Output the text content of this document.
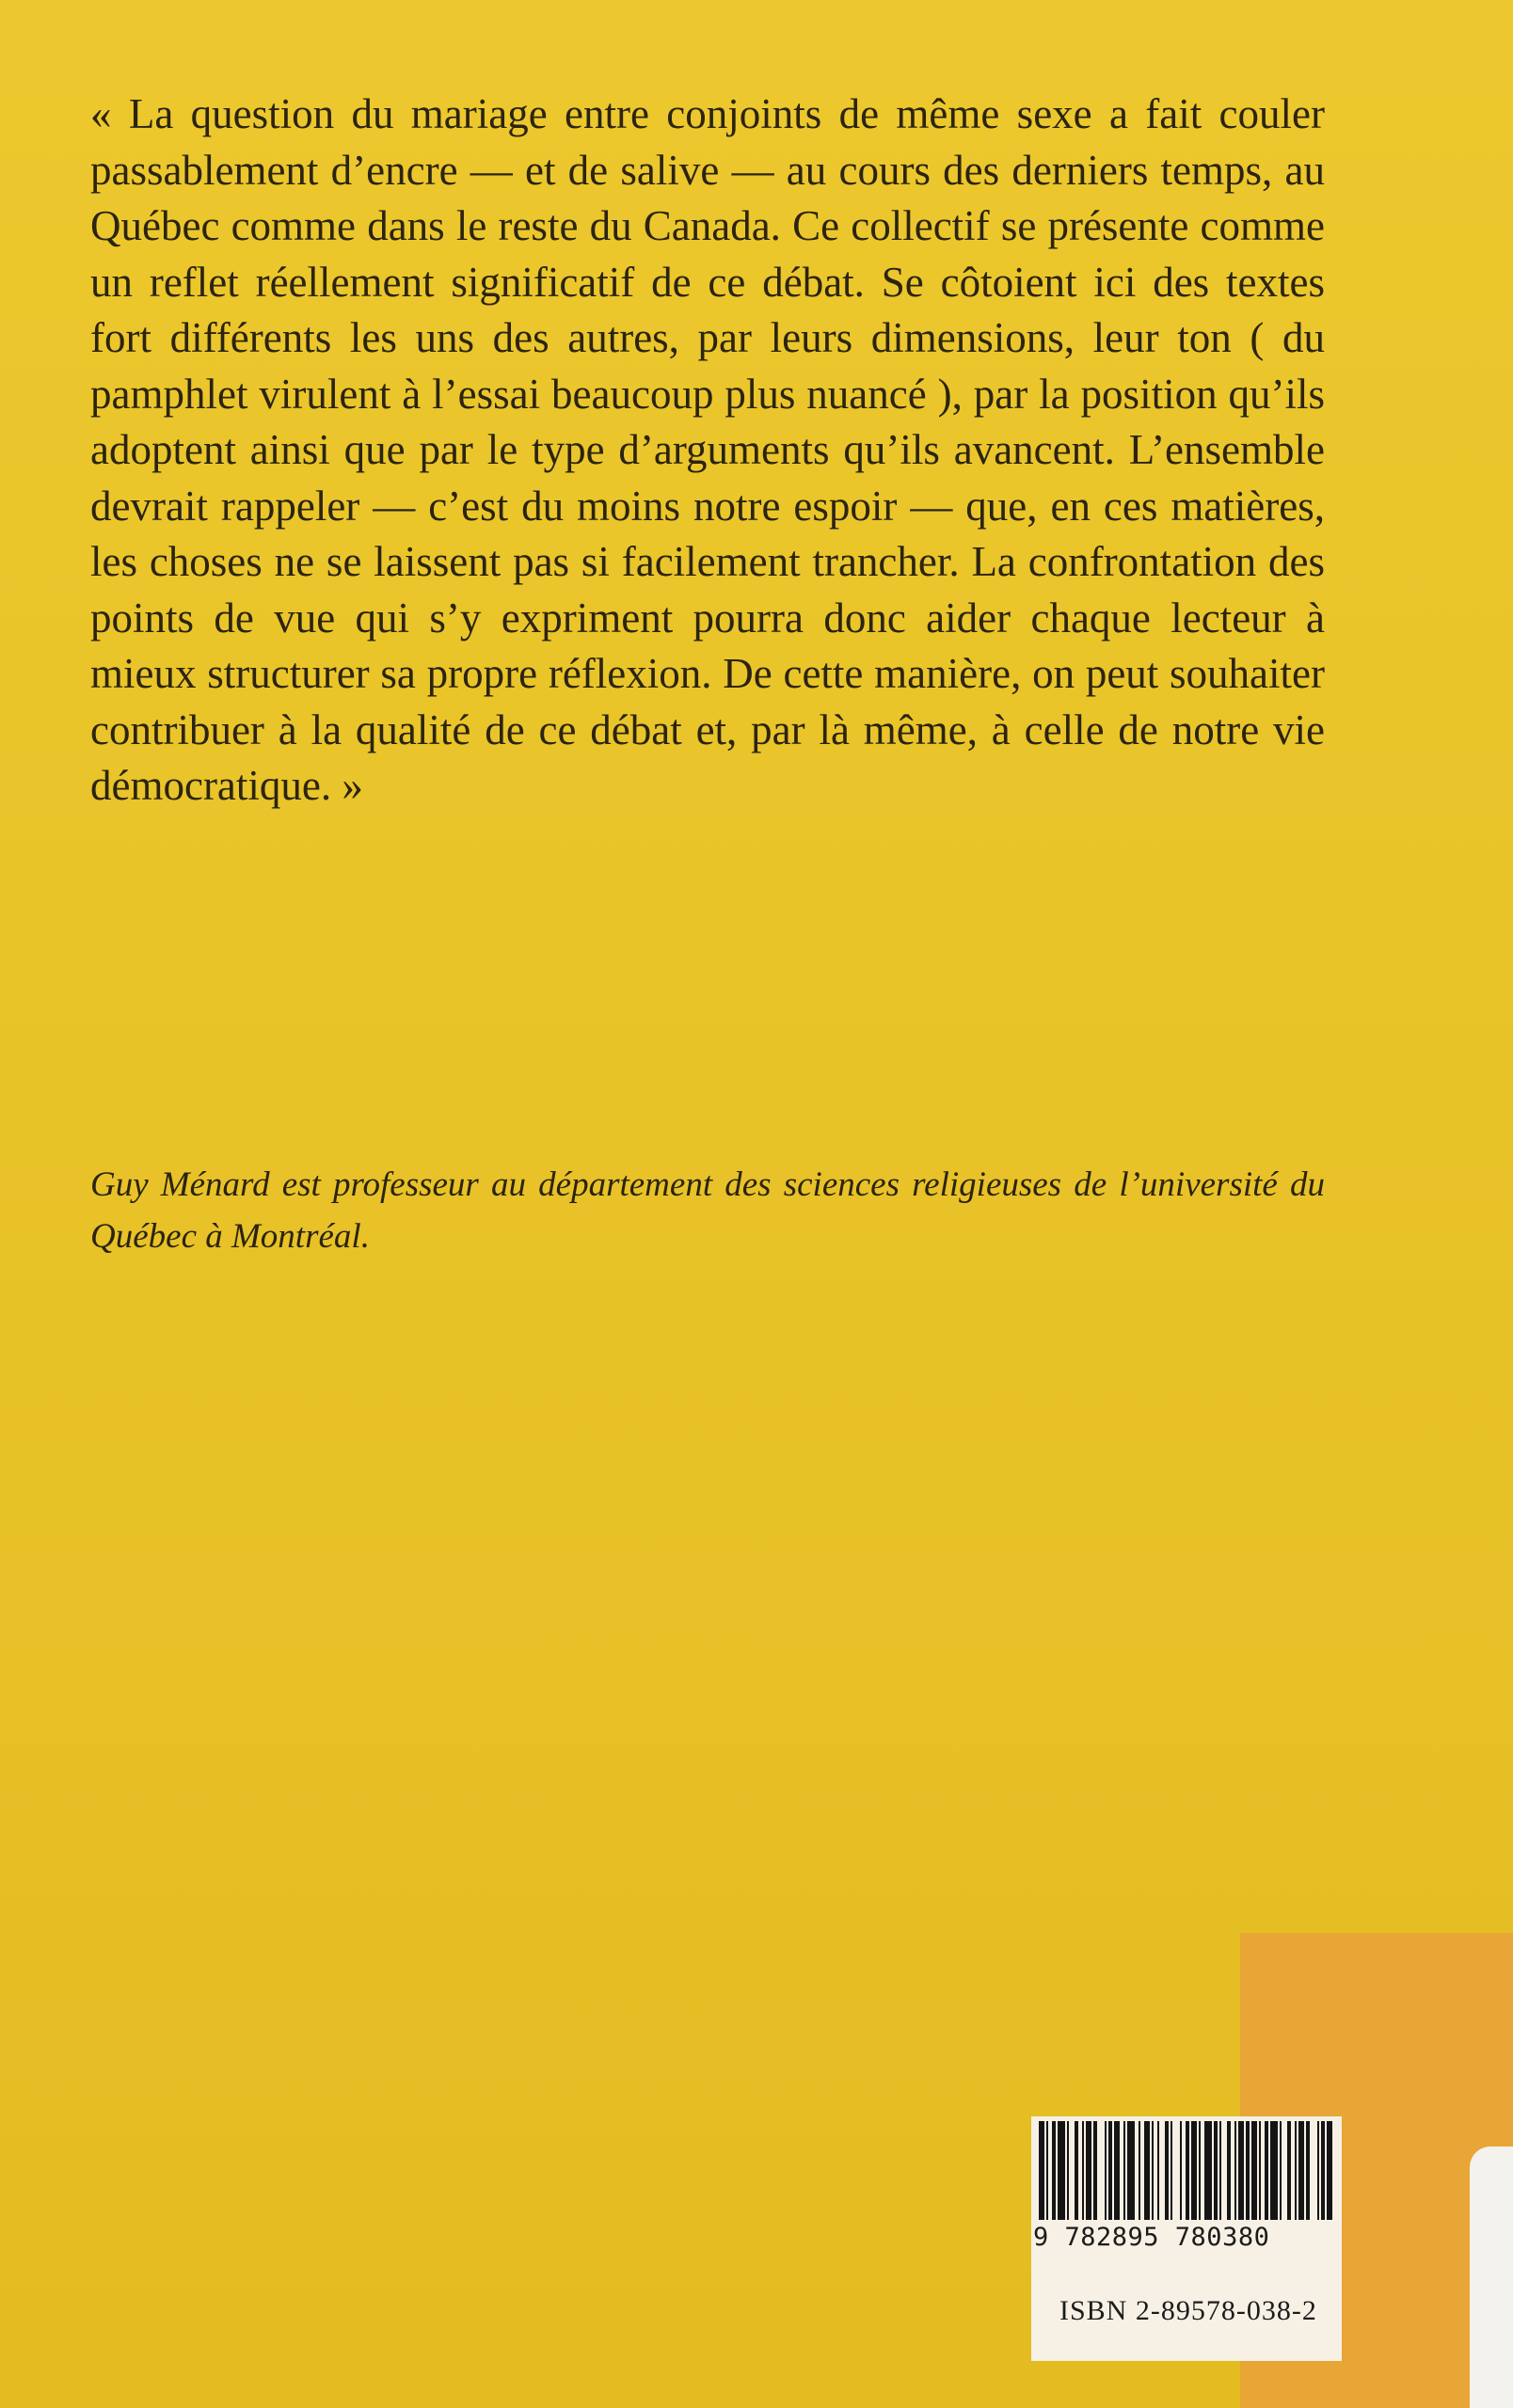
« La question du mariage entre conjoints de même sexe a fait couler passablement d’encre — et de salive — au cours des derniers temps, au Québec comme dans le reste du Canada. Ce collectif se présente comme un reflet réellement significatif de ce débat. Se côtoient ici des textes fort différents les uns des autres, par leurs dimensions, leur ton ( du pamphlet virulent à l’essai beaucoup plus nuancé ), par la position qu’ils adoptent ainsi que par le type d’arguments qu’ils avancent. L’ensemble devrait rappeler — c’est du moins notre espoir — que, en ces matières, les choses ne se laissent pas si facilement trancher. La confrontation des points de vue qui s’y expriment pourra donc aider chaque lecteur à mieux structurer sa propre réflexion. De cette manière, on peut souhaiter contribuer à la qualité de ce débat et, par là même, à celle de notre vie démocratique. »

Guy Ménard est professeur au département des sciences religieuses de l’université du Québec à Montréal.

9 782895 780380
ISBN 2-89578-038-2
